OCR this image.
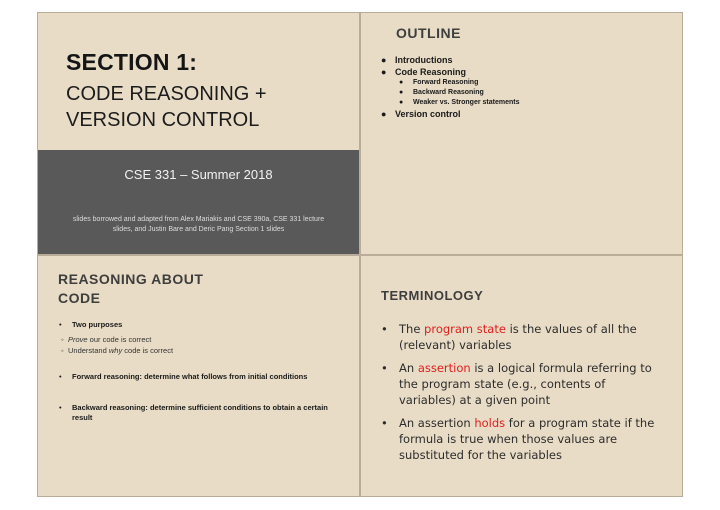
SECTION 1:
CODE REASONING +
VERSION CONTROL
CSE 331 – Summer 2018
slides borrowed and adapted from Alex Mariakis and CSE 390a, CSE 331 lecture slides, and Justin Bare and Deric Pang Section 1 slides
OUTLINE
● Introductions
● Code Reasoning
● Forward Reasoning
● Backward Reasoning
● Weaker vs. Stronger statements
● Version control
REASONING ABOUT
CODE
• Two purposes
◦ Prove our code is correct
◦ Understand why code is correct
• Forward reasoning: determine what follows from initial conditions
• Backward reasoning: determine sufficient conditions to obtain a certain result
TERMINOLOGY
• The program state is the values of all the (relevant) variables
• An assertion is a logical formula referring to the program state (e.g., contents of variables) at a given point
• An assertion holds for a program state if the formula is true when those values are substituted for the variables
